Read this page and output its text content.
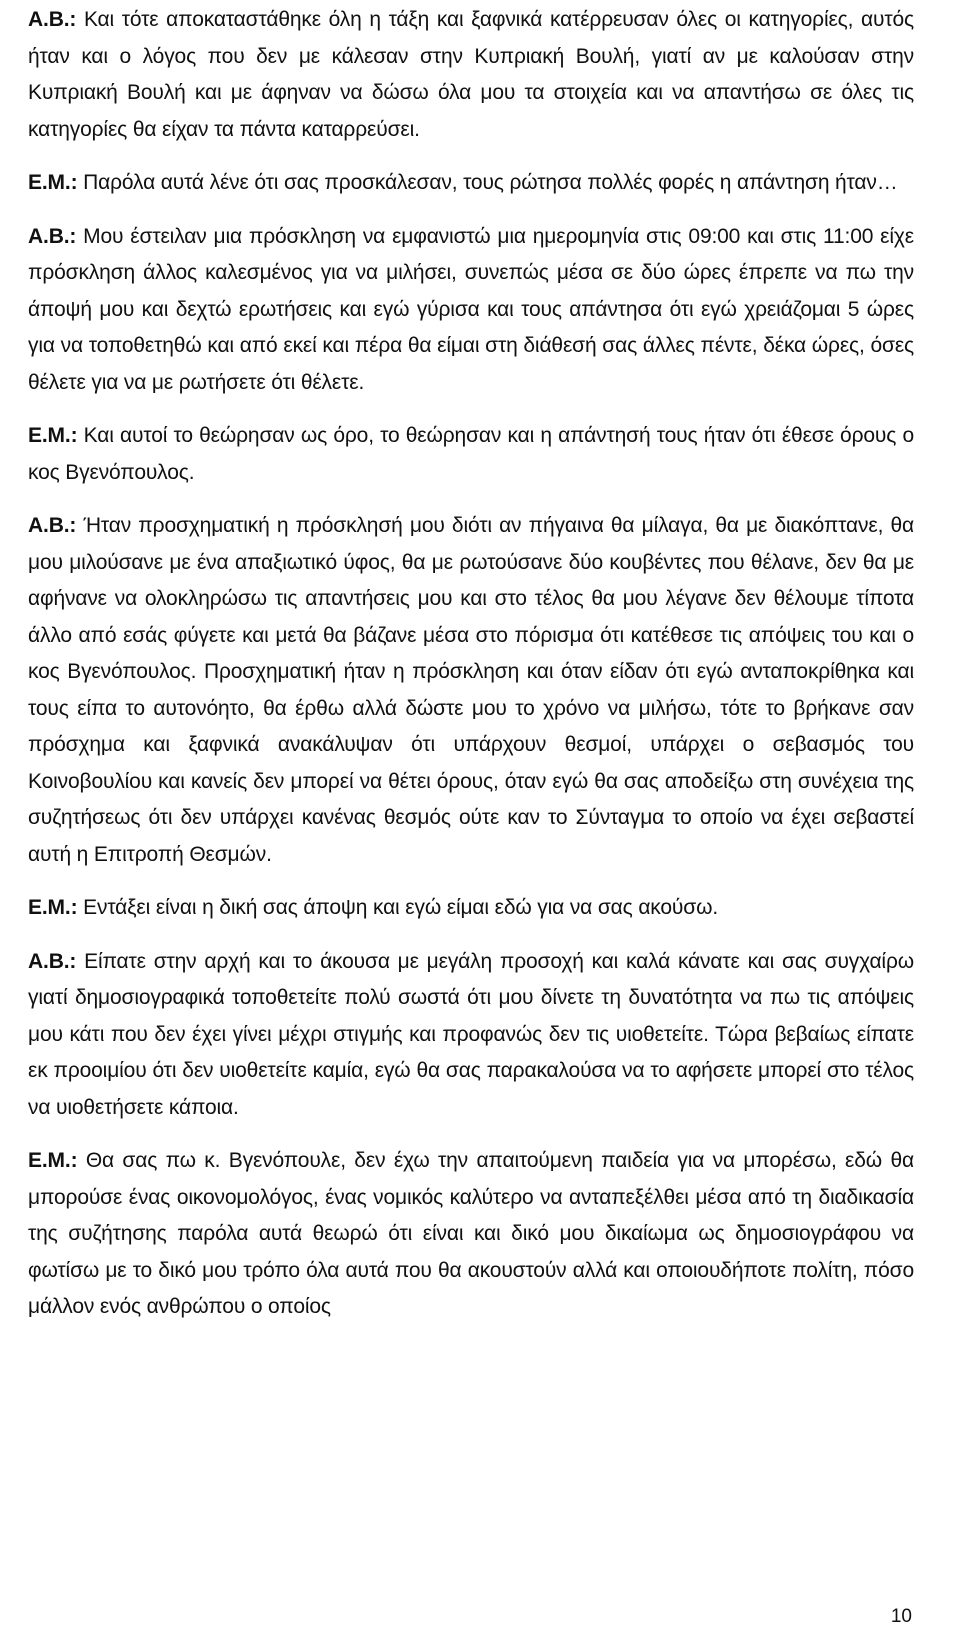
Α.Β.: Και τότε αποκαταστάθηκε όλη η τάξη και ξαφνικά κατέρρευσαν όλες οι κατηγορίες, αυτός ήταν και ο λόγος που δεν με κάλεσαν στην Κυπριακή Βουλή, γιατί αν με καλούσαν στην Κυπριακή Βουλή και με άφηναν να δώσω όλα μου τα στοιχεία και να απαντήσω σε όλες τις κατηγορίες θα είχαν τα πάντα καταρρεύσει.

Ε.Μ.: Παρόλα αυτά λένε ότι σας προσκάλεσαν, τους ρώτησα πολλές φορές η απάντηση ήταν…

Α.Β.: Μου έστειλαν μια πρόσκληση να εμφανιστώ μια ημερομηνία στις 09:00 και στις 11:00 είχε πρόσκληση άλλος καλεσμένος για να μιλήσει, συνεπώς μέσα σε δύο ώρες έπρεπε να πω την άποψή μου και δεχτώ ερωτήσεις και εγώ γύρισα και τους απάντησα ότι εγώ χρειάζομαι 5 ώρες για να τοποθετηθώ και από εκεί και πέρα θα είμαι στη διάθεσή σας άλλες πέντε, δέκα ώρες, όσες θέλετε για να με ρωτήσετε ότι θέλετε.

Ε.Μ.: Και αυτοί το θεώρησαν ως όρο, το θεώρησαν και η απάντησή τους ήταν ότι έθεσε όρους ο κος Βγενόπουλος.

Α.Β.: Ήταν προσχηματική η πρόσκλησή μου διότι αν πήγαινα θα μίλαγα, θα με διακόπτανε, θα μου μιλούσανε με ένα απαξιωτικό ύφος, θα με ρωτούσανε δύο κουβέντες που θέλανε, δεν θα με αφήνανε να ολοκληρώσω τις απαντήσεις μου και στο τέλος θα μου λέγανε δεν θέλουμε τίποτα άλλο από εσάς φύγετε και μετά θα βάζανε μέσα στο πόρισμα ότι κατέθεσε τις απόψεις του και ο κος Βγενόπουλος. Προσχηματική ήταν η πρόσκληση και όταν είδαν ότι εγώ ανταποκρίθηκα και τους είπα το αυτονόητο, θα έρθω αλλά δώστε μου το χρόνο να μιλήσω, τότε το βρήκανε σαν πρόσχημα και ξαφνικά ανακάλυψαν ότι υπάρχουν θεσμοί, υπάρχει ο σεβασμός του Κοινοβουλίου και κανείς δεν μπορεί να θέτει όρους, όταν εγώ θα σας αποδείξω στη συνέχεια της συζητήσεως ότι δεν υπάρχει κανένας θεσμός ούτε καν το Σύνταγμα το οποίο να έχει σεβαστεί αυτή η Επιτροπή Θεσμών.

Ε.Μ.: Εντάξει είναι η δική σας άποψη και εγώ είμαι εδώ για να σας ακούσω.

Α.Β.: Είπατε στην αρχή και το άκουσα με μεγάλη προσοχή και καλά κάνατε και σας συγχαίρω γιατί δημοσιογραφικά τοποθετείτε πολύ σωστά ότι μου δίνετε τη δυνατότητα να πω τις απόψεις μου κάτι που δεν έχει γίνει μέχρι στιγμής και προφανώς δεν τις υιοθετείτε. Τώρα βεβαίως είπατε εκ προοιμίου ότι δεν υιοθετείτε καμία, εγώ θα σας παρακαλούσα να το αφήσετε μπορεί στο τέλος να υιοθετήσετε κάποια.

Ε.Μ.: Θα σας πω κ. Βγενόπουλε, δεν έχω την απαιτούμενη παιδεία για να μπορέσω, εδώ θα μπορούσε ένας οικονομολόγος, ένας νομικός καλύτερο να ανταπεξέλθει μέσα από τη διαδικασία της συζήτησης παρόλα αυτά θεωρώ ότι είναι και δικό μου δικαίωμα ως δημοσιογράφου να φωτίσω με το δικό μου τρόπο όλα αυτά που θα ακουστούν αλλά και οποιουδήποτε πολίτη, πόσο μάλλον ενός ανθρώπου ο οποίος

10
